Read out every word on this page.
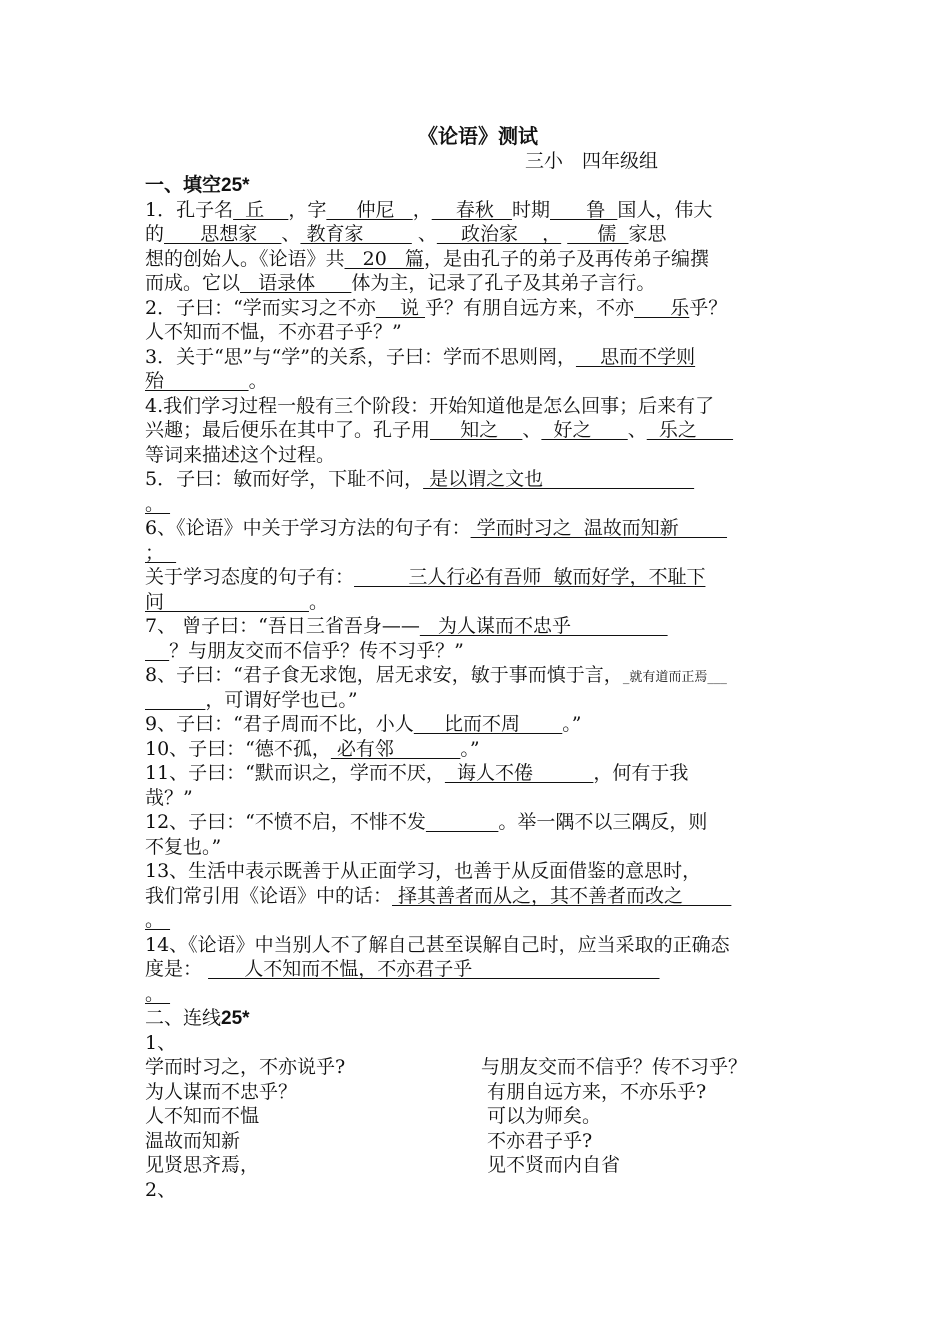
《论语》测试
三小　四年级组
一、填空25*
1．孔子名  丘    ，字     仲尼   ，    春秋   时期      鲁  国人，伟大
的      思想家    、 教育家         、    政治家    ，      儒  家思
想的创始人。《论语》共   20   篇，是由孔子的弟子及再传弟子编撰
而成。它以   语录体      体为主，记录了孔子及其弟子言行。
2．子曰：“学而实习之不亦    说 乎？有朋自远方来，不亦      乐乎？
人不知而不愠，不亦君子乎？”
3．关于“思”与“学”的关系，子曰：学而不思则罔，    思而不学则
殆              。
4.我们学习过程一般有三个阶段：开始知道他是怎么回事；后来有了
兴趣；最后便乐在其中了。孔子用     知之    、  好之      、  乐之
等词来描述这个过程。
5．子曰：敏而好学，下耻不问， 是以谓之文也
。
6、《论语》中关于学习方法的句子有： 学而时习之  温故而知新
；
关于学习态度的句子有：         三人行必有吾师  敏而好学，不耻下
问                        。
7、 曾子曰：“吾日三省吾身——   为人谋而不忠乎
？与朋友交而不信乎？传不习乎？”
8、子曰：“君子食无求饱，居无求安，敏于事而慎于言，_就有道而正焉___
，可谓好学也已。”
9、子曰：“君子周而不比，小人     比而不周       。”
10、子曰：“德不孤， 必有邻           。”
11、子曰：“默而识之，学而不厌，  诲人不倦          ，何有于我
哉？”
12、子曰：“不愤不启，不悱不发	。举一隅不以三隅反，则
不复也。”
13、生活中表示既善于从正面学习，也善于从反面借鉴的意思时，
我们常引用《论语》中的话： 择其善者而从之，其不善者而改之
。
14、《论语》中当别人不了解自己甚至误解自己时，应当采取的正确态
度是：       人不知而不愠，不亦君子乎
。
二、连线25*
1、
学而时习之，不亦说乎?	与朋友交而不信乎？传不习乎？
为人谋而不忠乎？	有朋自远方来，不亦乐乎?
人不知而不愠	可以为师矣。
温故而知新	不亦君子乎?
见贤思齐焉，	见不贤而内自省
2、
